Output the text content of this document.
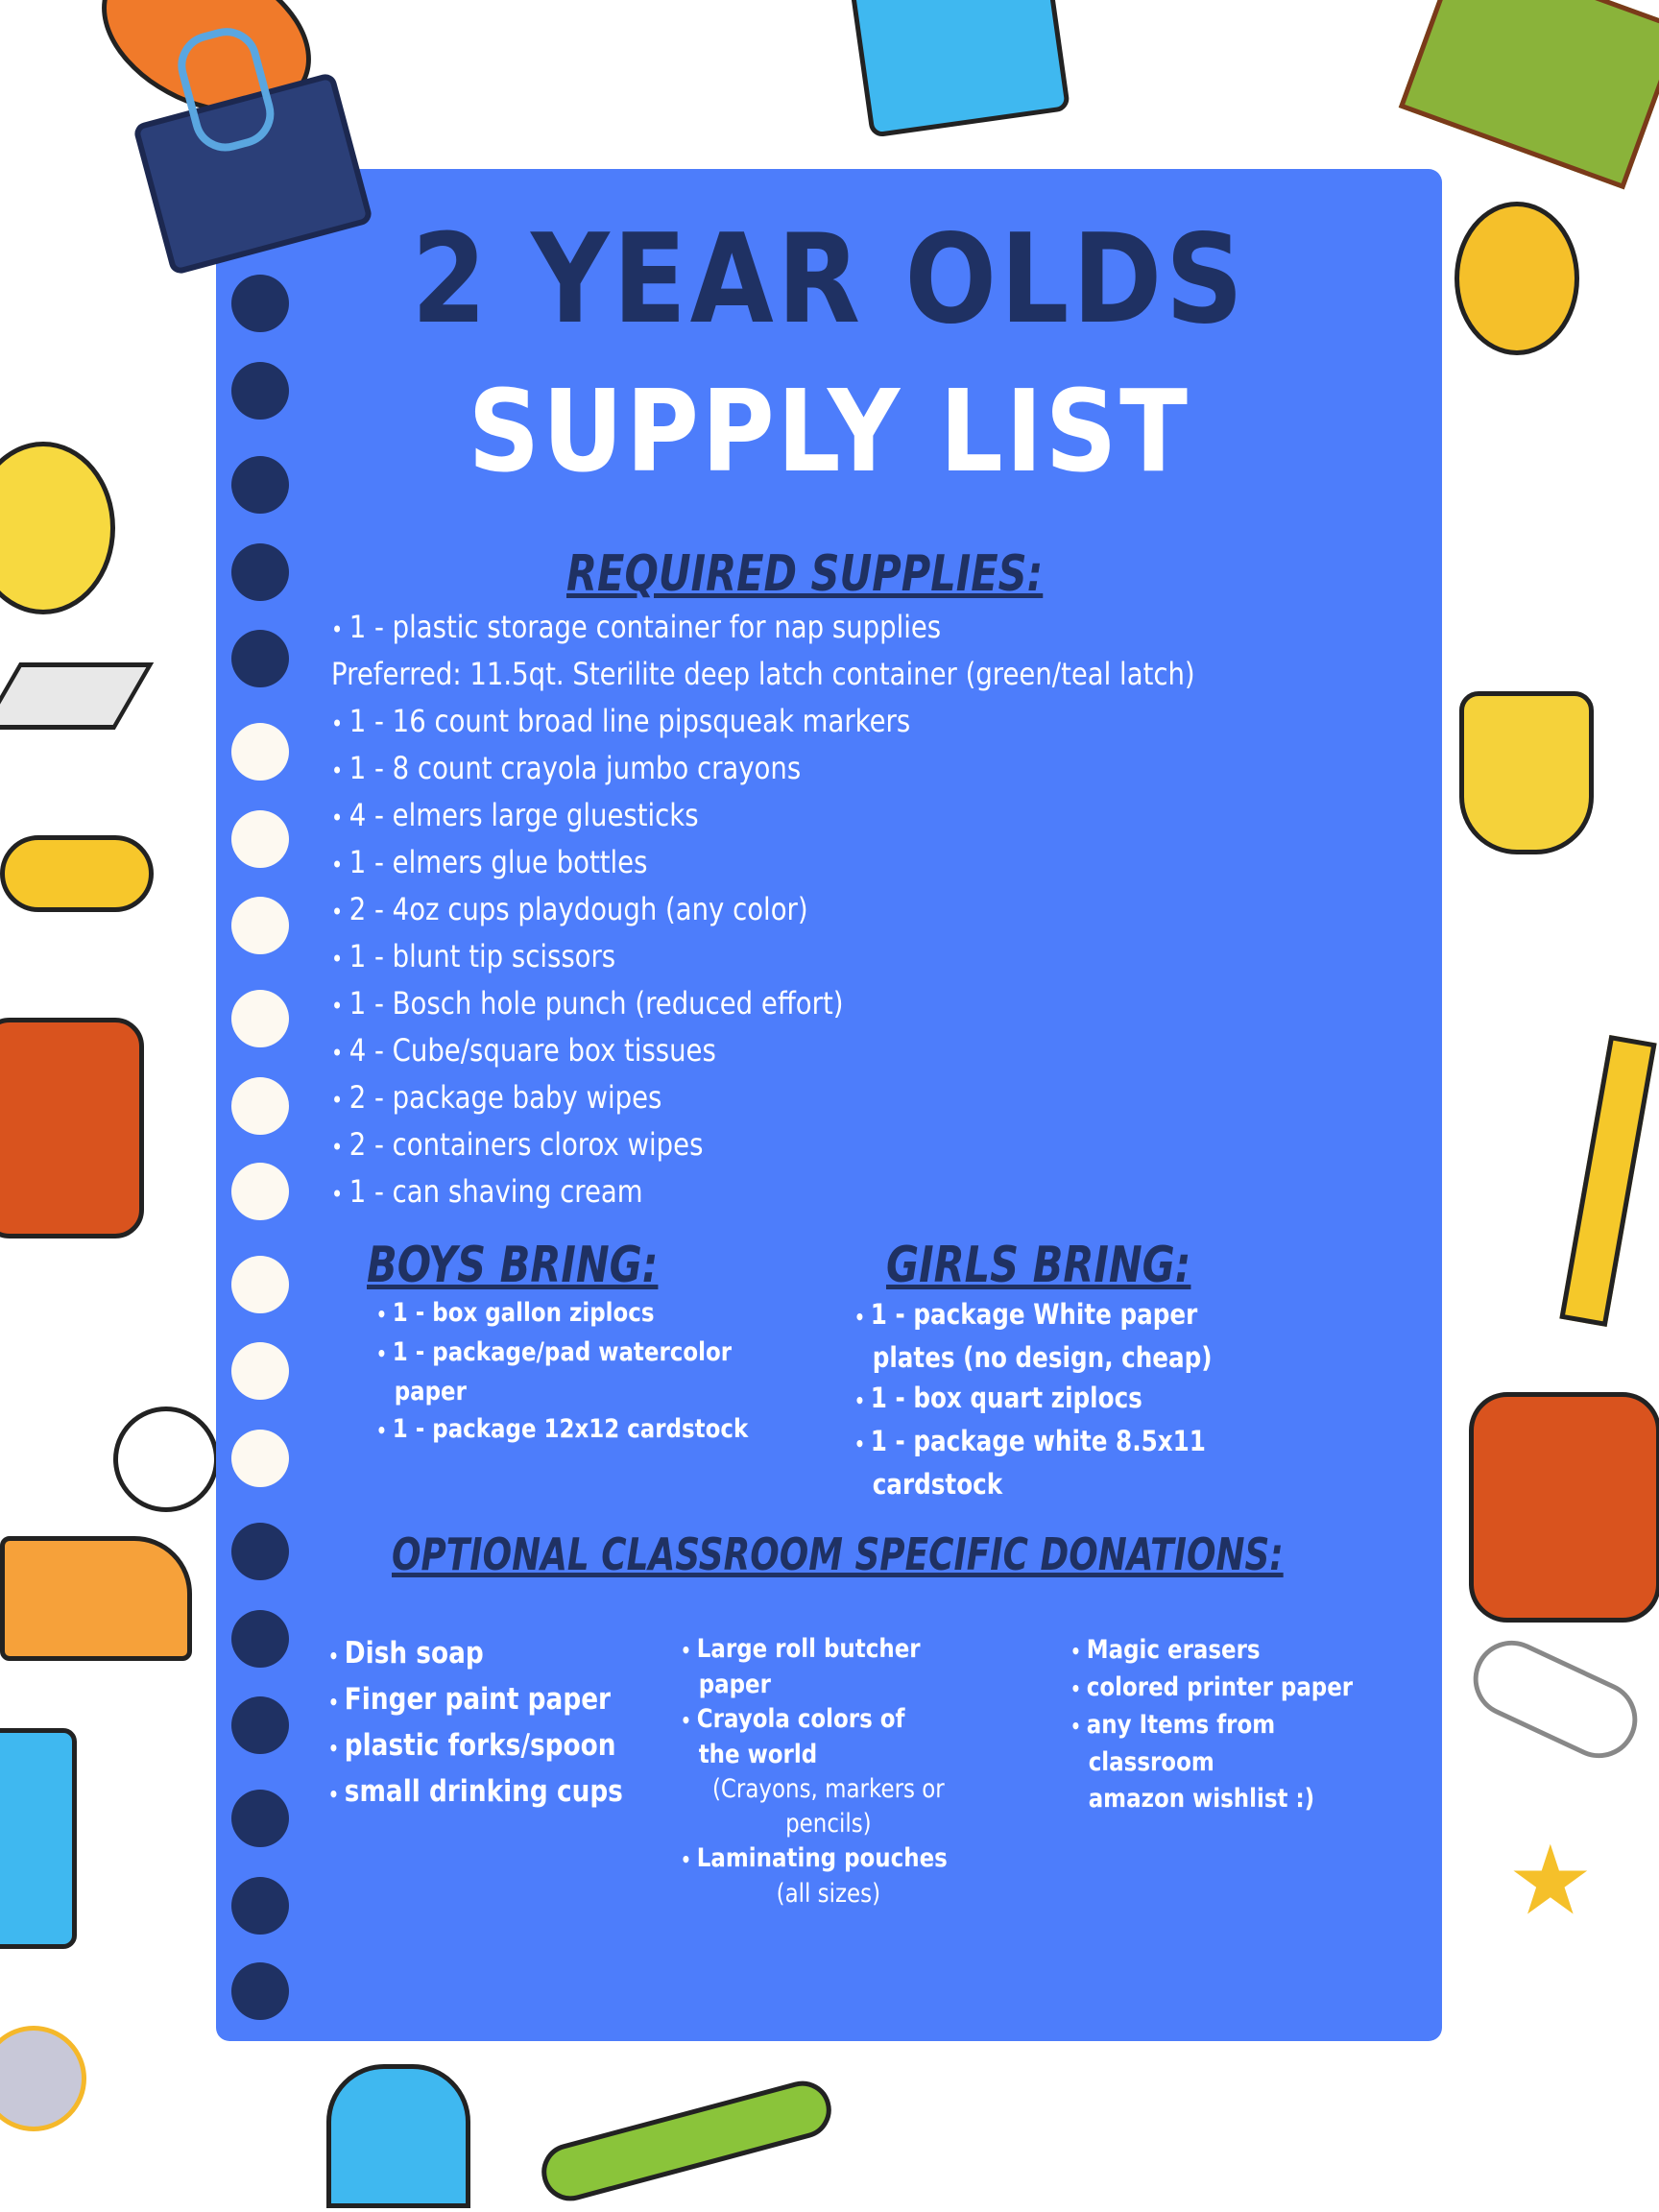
★
2 YEAR OLDS
SUPPLY LIST
REQUIRED SUPPLIES:
• 1 - plastic storage container for nap supplies
Preferred: 11.5qt. Sterilite deep latch container (green/teal latch)
• 1 - 16 count broad line pipsqueak markers
• 1 - 8 count crayola jumbo crayons
• 4 - elmers large gluesticks
• 1 - elmers glue bottles
• 2 - 4oz cups playdough (any color)
• 1 - blunt tip scissors
• 1 - Bosch hole punch (reduced effort)
• 4 - Cube/square box tissues
• 2 - package baby wipes
• 2 - containers clorox wipes
• 1 - can shaving cream
BOYS BRING:
• 1 - box gallon ziplocs
• 1 - package/pad watercolor paper
• 1 - package 12x12 cardstock
GIRLS BRING:
• 1 - package White paper plates (no design, cheap)
• 1 - box quart ziplocs
• 1 - package white 8.5x11 cardstock
OPTIONAL CLASSROOM SPECIFIC DONATIONS:
• Dish soap
• Finger paint paper
• plastic forks/spoon
• small drinking cups
• Large roll butcher paper
• Crayola colors of the world
(Crayons, markers or pencils)
• Laminating pouches
(all sizes)
• Magic erasers
• colored printer paper
• any Items from classroom amazon wishlist :)
